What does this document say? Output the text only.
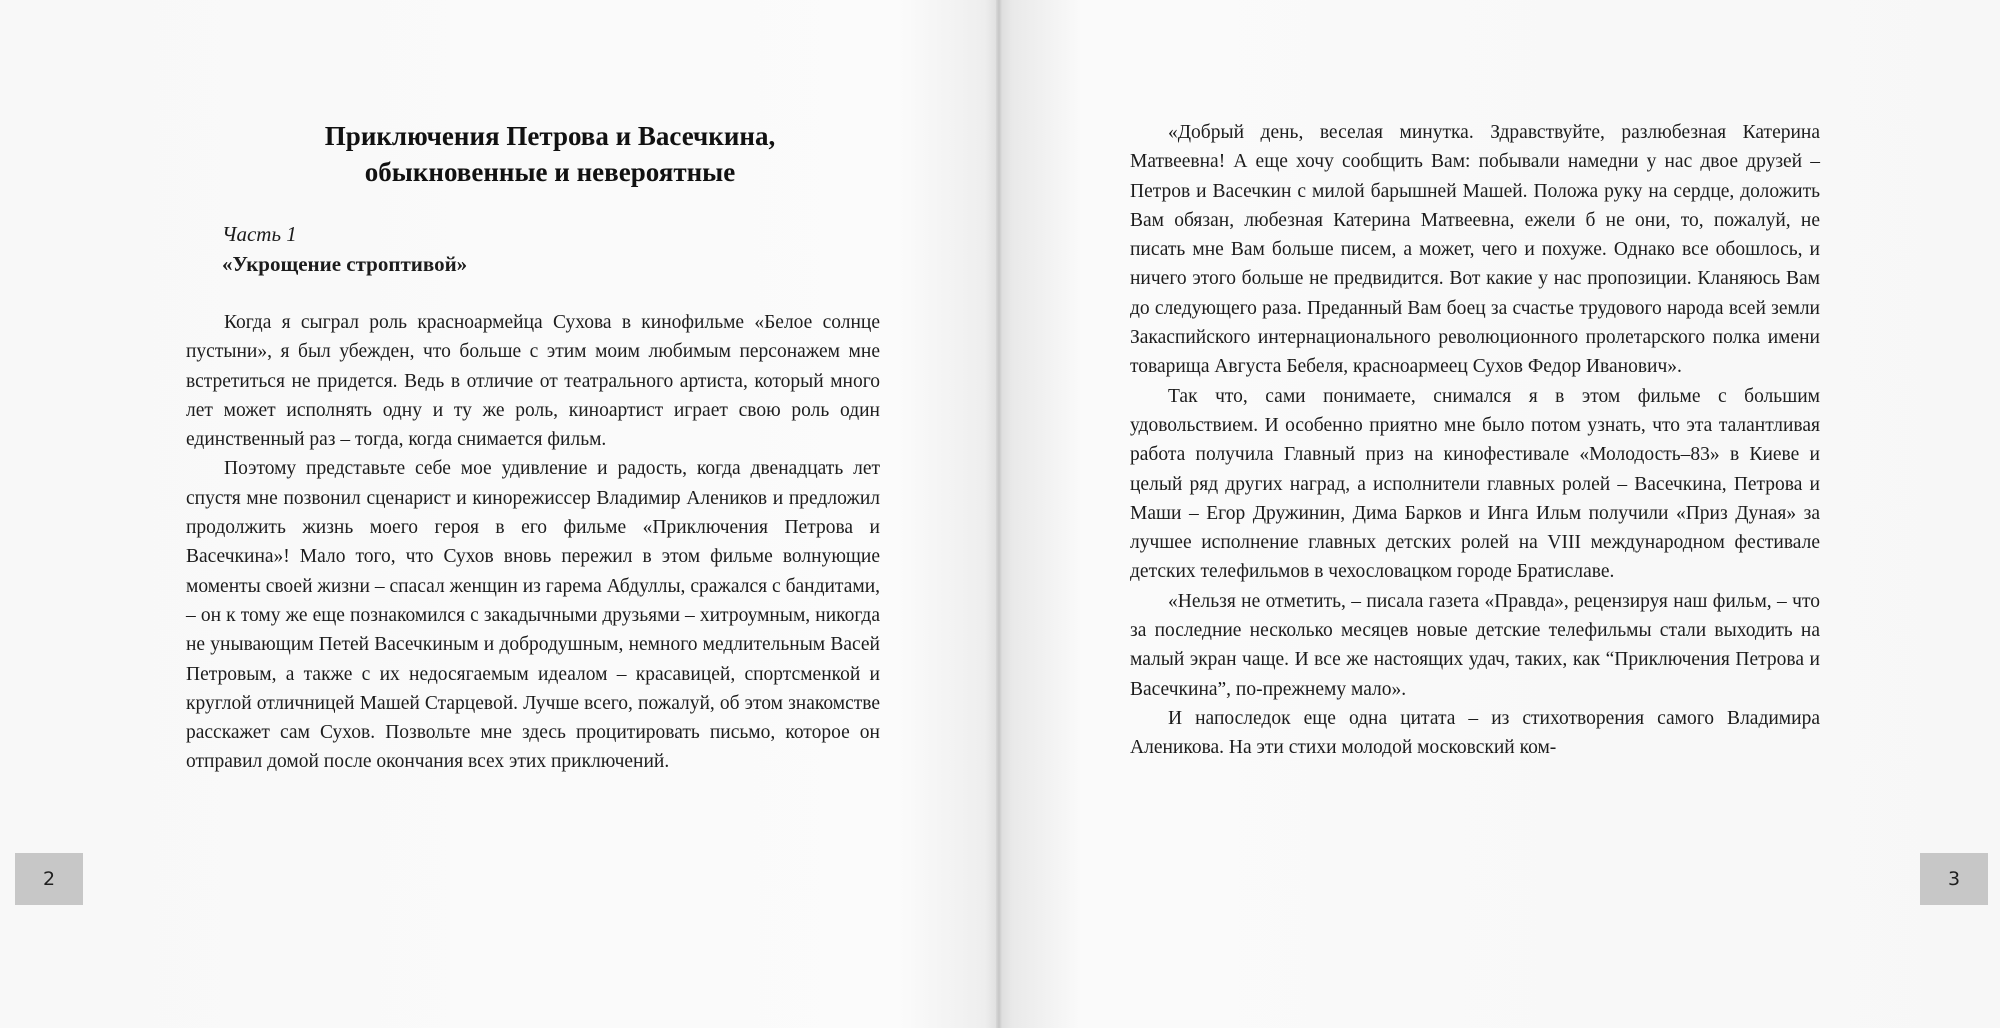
Приключения Петрова и Васечкина,
обыкновенные и невероятные
Часть 1
«Укрощение строптивой»

Когда я сыграл роль красноармейца Сухова в кинофильме «Белое солнце пустыни», я был убежден, что больше с этим моим любимым персонажем мне встретиться не придется. Ведь в отличие от театрального артиста, который много лет может исполнять одну и ту же роль, киноартист играет свою роль один единственный раз – тогда, когда снимается фильм.

Поэтому представьте себе мое удивление и радость, когда двенадцать лет спустя мне позвонил сценарист и кинорежиссер Владимир Алеников и предложил продолжить жизнь моего героя в его фильме «Приключения Петрова и Васечкина»! Мало того, что Сухов вновь пережил в этом фильме волнующие моменты своей жизни – спасал женщин из гарема Абдуллы, сражался с бандитами, – он к тому же еще познакомился с закадычными друзьями – хитроумным, никогда не унывающим Петей Васечкиным и добродушным, немного медлительным Васей Петровым, а также с их недосягаемым идеалом – красавицей, спортсменкой и круглой отличницей Машей Старцевой. Лучше всего, пожалуй, об этом знакомстве расскажет сам Сухов. Позвольте мне здесь процитировать письмо, которое он отправил домой после окончания всех этих приключений.

«Добрый день, веселая минутка. Здравствуйте, разлюбезная Катерина Матвеевна! А еще хочу сообщить Вам: побывали намедни у нас двое друзей – Петров и Васечкин с милой барышней Машей. Положа руку на сердце, доложить Вам обязан, любезная Катерина Матвеевна, ежели б не они, то, пожалуй, не писать мне Вам больше писем, а может, чего и похуже. Однако все обошлось, и ничего этого больше не предвидится. Вот какие у нас пропозиции. Кланяюсь Вам до следующего раза. Преданный Вам боец за счастье трудового народа всей земли Закаспийского интернационального революционного пролетарского полка имени товарища Августа Бебеля, красноармеец Сухов Федор Иванович».

Так что, сами понимаете, снимался я в этом фильме с большим удовольствием. И особенно приятно мне было потом узнать, что эта талантливая работа получила Главный приз на кинофестивале «Молодость–83» в Киеве и целый ряд других наград, а исполнители главных ролей – Васечкина, Петрова и Маши – Егор Дружинин, Дима Барков и Инга Ильм получили «Приз Дуная» за лучшее исполнение главных детских ролей на VIII международном фестивале детских телефильмов в чехословацком городе Братиславе.

«Нельзя не отметить, – писала газета «Правда», рецензируя наш фильм, – что за последние несколько месяцев новые детские телефильмы стали выходить на малый экран чаще. И все же настоящих удач, таких, как “Приключения Петрова и Васечкина”, по-прежнему мало».

И напоследок еще одна цитата – из стихотворения самого Владимира Аленикова. На эти стихи молодой московский ком-

2	3
